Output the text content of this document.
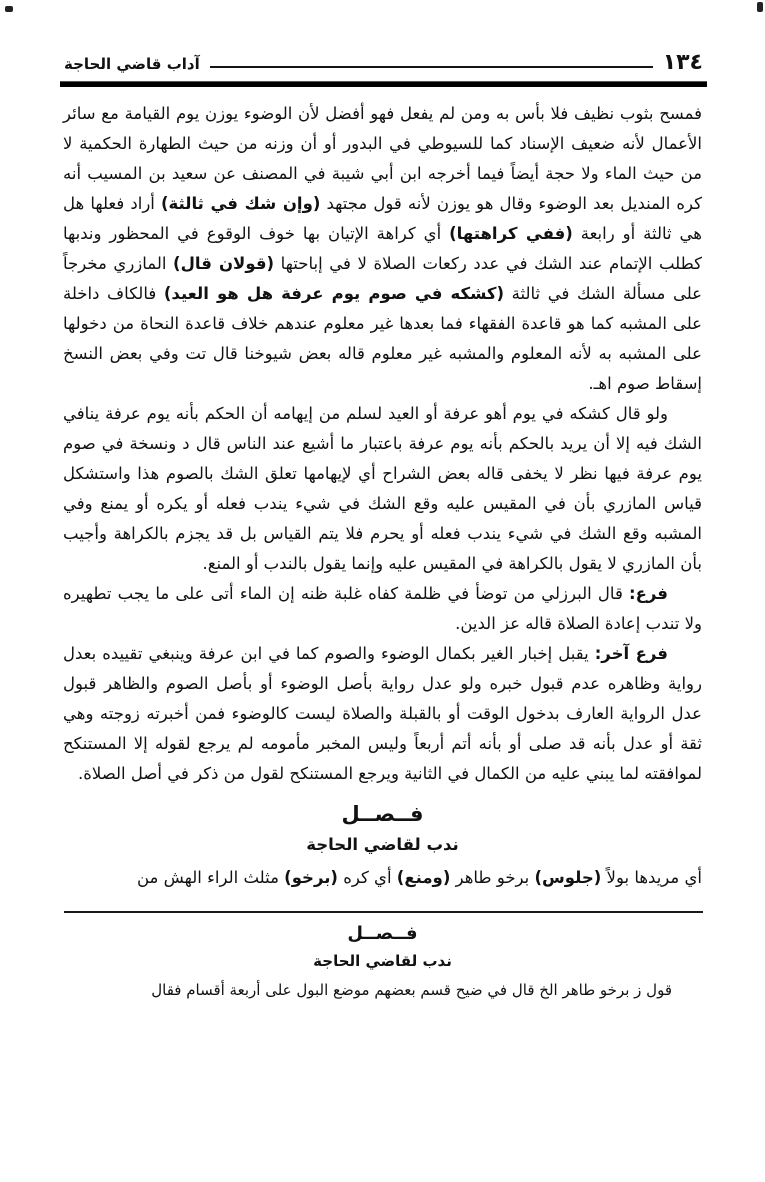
١٣٤
آداب قاضي الحاجة

فمسح بثوب نظيف فلا بأس به ومن لم يفعل فهو أفضل لأن الوضوء يوزن يوم القيامة مع سائر الأعمال لأنه ضعيف الإسناد كما للسيوطي في البدور أو أن وزنه من حيث الطهارة الحكمية لا من حيث الماء ولا حجة أيضاً فيما أخرجه ابن أبي شيبة في المصنف عن سعيد بن المسيب أنه كره المنديل بعد الوضوء وقال هو يوزن لأنه قول مجتهد (وإن شك في ثالثة) أراد فعلها هل هي ثالثة أو رابعة (ففي كراهتها) أي كراهة الإتيان بها خوف الوقوع في المحظور وندبها كطلب الإتمام عند الشك في عدد ركعات الصلاة لا في إباحتها (قولان قال) المازري مخرجاً على مسألة الشك في ثالثة (كشكه في صوم يوم عرفة هل هو العيد) فالكاف داخلة على المشبه كما هو قاعدة الفقهاء فما بعدها غير معلوم عندهم خلاف قاعدة النحاة من دخولها على المشبه به لأنه المعلوم والمشبه غير معلوم قاله بعض شيوخنا قال تت وفي بعض النسخ إسقاط صوم اهـ.

ولو قال كشكه في يوم أهو عرفة أو العيد لسلم من إيهامه أن الحكم بأنه يوم عرفة ينافي الشك فيه إلا أن يريد بالحكم بأنه يوم عرفة باعتبار ما أشيع عند الناس قال د ونسخة في صوم يوم عرفة فيها نظر لا يخفى قاله بعض الشراح أي لإيهامها تعلق الشك بالصوم هذا واستشكل قياس المازري بأن في المقيس عليه وقع الشك في شيء يندب فعله أو يكره أو يمنع وفي المشبه وقع الشك في شيء يندب فعله أو يحرم فلا يتم القياس بل قد يجزم بالكراهة وأجيب بأن المازري لا يقول بالكراهة في المقيس عليه وإنما يقول بالندب أو المنع.

فرع: قال البرزلي من توضأ في ظلمة كفاه غلبة ظنه إن الماء أتى على ما يجب تطهيره ولا تندب إعادة الصلاة قاله عز الدين.

فرع آخر: يقبل إخبار الغير بكمال الوضوء والصوم كما في ابن عرفة وينبغي تقييده بعدل رواية وظاهره عدم قبول خبره ولو عدل رواية بأصل الوضوء أو بأصل الصوم والظاهر قبول عدل الرواية العارف بدخول الوقت أو بالقبلة والصلاة ليست كالوضوء فمن أخبرته زوجته وهي ثقة أو عدل بأنه قد صلى أو بأنه أتم أربعاً وليس المخبر مأمومه لم يرجع لقوله إلا المستنكح لموافقته لما يبني عليه من الكمال في الثانية ويرجع المستنكح لقول من ذكر في أصل الصلاة.

فــصــل
ندب لقاضي الحاجة

أي مريدها بولاً (جلوس) برخو طاهر (ومنع) أي كره (برخو) مثلث الراء الهش من

فــصــل
ندب لقاضي الحاجة

قول ز برخو طاهر الخ قال في ضيح قسم بعضهم موضع البول على أربعة أقسام فقال
